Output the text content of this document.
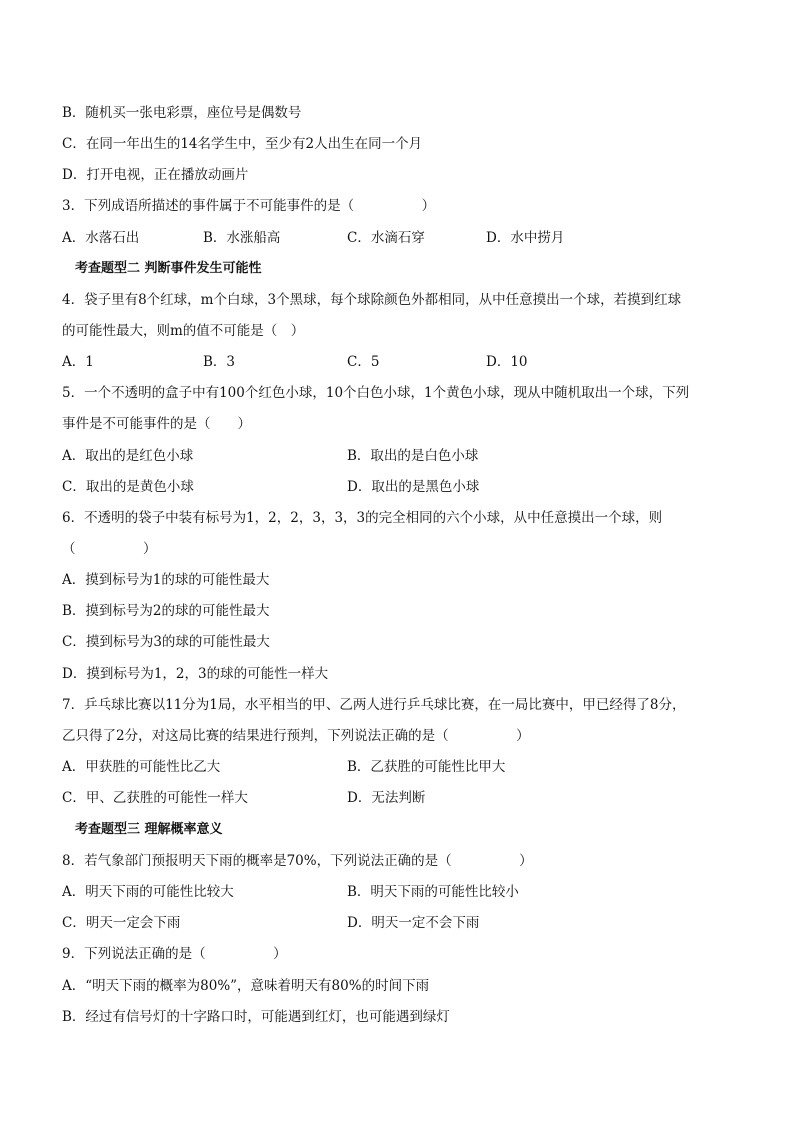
B．随机买一张电彩票，座位号是偶数号
C．在同一年出生的14名学生中，至少有2人出生在同一个月
D．打开电视，正在播放动画片
3．下列成语所描述的事件属于不可能事件的是（　　　　　）
A．水落石出	B．水涨船高	C．水滴石穿	D．水中捞月
考查题型二 判断事件发生可能性
4．袋子里有8个红球，m个白球，3个黑球，每个球除颜色外都相同，从中任意摸出一个球，若摸到红球
的可能性最大，则m的值不可能是（　）
A．1	B．3	C．5	D．10
5．一个不透明的盒子中有100个红色小球，10个白色小球，1个黄色小球，现从中随机取出一个球，下列
事件是不可能事件的是（　　）
A．取出的是红色小球	B．取出的是白色小球
C．取出的是黄色小球	D．取出的是黑色小球
6．不透明的袋子中装有标号为1，2，2，3，3，3的完全相同的六个小球，从中任意摸出一个球，则
（　　　　　）
A．摸到标号为1的球的可能性最大
B．摸到标号为2的球的可能性最大
C．摸到标号为3的球的可能性最大
D．摸到标号为1，2，3的球的可能性一样大
7．乒乓球比赛以11分为1局，水平相当的甲、乙两人进行乒乓球比赛，在一局比赛中，甲已经得了8分，
乙只得了2分，对这局比赛的结果进行预判，下列说法正确的是（　　　　　）
A．甲获胜的可能性比乙大	B．乙获胜的可能性比甲大
C．甲、乙获胜的可能性一样大	D．无法判断
考查题型三 理解概率意义
8．若气象部门预报明天下雨的概率是70%，下列说法正确的是（　　　　　）
A．明天下雨的可能性比较大	B．明天下雨的可能性比较小
C．明天一定会下雨	D．明天一定不会下雨
9．下列说法正确的是（　　　　　）
A．“明天下雨的概率为80%”，意味着明天有80%的时间下雨
B．经过有信号灯的十字路口时，可能遇到红灯，也可能遇到绿灯
